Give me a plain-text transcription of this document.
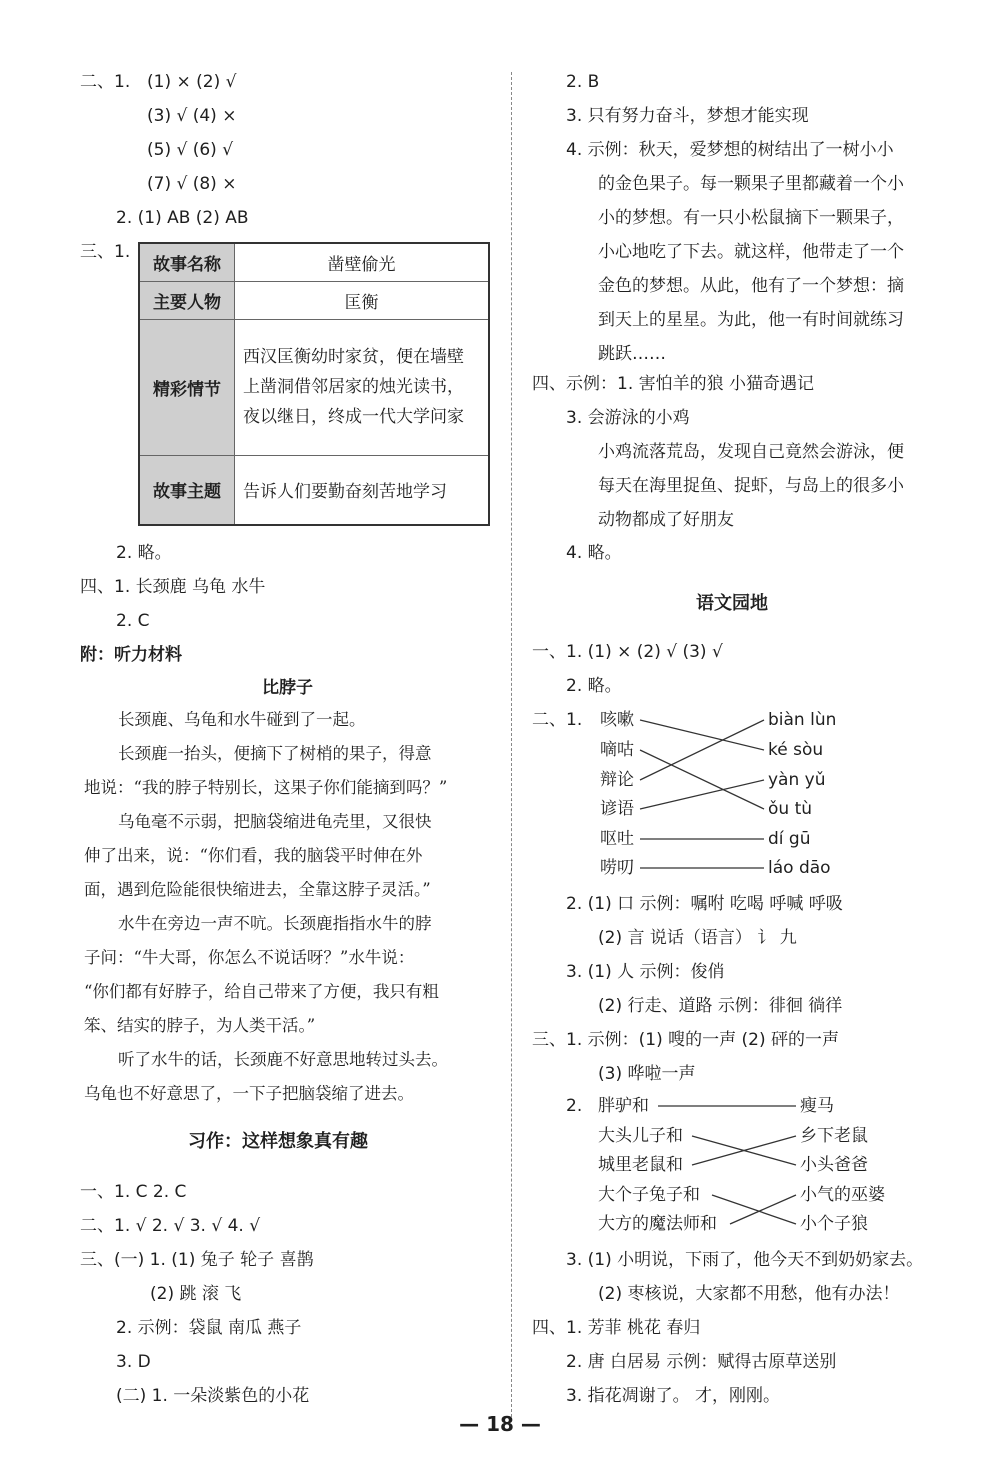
二、1. (1) × (2) √
(3) √ (4) ×
(5) √ (6) √
(7) √ (8) ×
2. (1) AB (2) AB
三、1.
故事名称	凿壁偷光
主要人物	匡衡
精彩情节	西汉匡衡幼时家贫，便在墙壁上凿洞借邻居家的烛光读书，夜以继日，终成一代大学问家
故事主题	告诉人们要勤奋刻苦地学习
2. 略。
四、1. 长颈鹿 乌龟 水牛
2. C
附：听力材料
比脖子
长颈鹿、乌龟和水牛碰到了一起。
长颈鹿一抬头，便摘下了树梢的果子，得意
地说：“我的脖子特别长，这果子你们能摘到吗？”
乌龟毫不示弱，把脑袋缩进龟壳里，又很快
伸了出来，说：“你们看，我的脑袋平时伸在外
面，遇到危险能很快缩进去，全靠这脖子灵活。”
水牛在旁边一声不吭。长颈鹿指指水牛的脖
子问：“牛大哥，你怎么不说话呀？”水牛说：
“你们都有好脖子，给自己带来了方便，我只有粗
笨、结实的脖子，为人类干活。”
听了水牛的话，长颈鹿不好意思地转过头去。
乌龟也不好意思了，一下子把脑袋缩了进去。
习作：这样想象真有趣
一、1. C 2. C
二、1. √ 2. √ 3. √ 4. √
三、(一) 1. (1) 兔子 轮子 喜鹊
(2) 跳 滚 飞
2. 示例：袋鼠 南瓜 燕子
3. D
(二) 1. 一朵淡紫色的小花
2. B
3. 只有努力奋斗，梦想才能实现
4. 示例：秋天，爱梦想的树结出了一树小小
的金色果子。每一颗果子里都藏着一个小
小的梦想。有一只小松鼠摘下一颗果子，
小心地吃了下去。就这样，他带走了一个
金色的梦想。从此，他有了一个梦想：摘
到天上的星星。为此，他一有时间就练习
跳跃……
四、示例：1. 害怕羊的狼 小猫奇遇记
3. 会游泳的小鸡
小鸡流落荒岛，发现自己竟然会游泳，便
每天在海里捉鱼、捉虾，与岛上的很多小
动物都成了好朋友
4. 略。
语文园地
一、1. (1) × (2) √ (3) √
2. 略。
二、1. 咳嗽
嘀咕
辩论
谚语
呕吐
唠叨
biàn lùn
ké sòu
yàn yǔ
ǒu tù
dí gū
láo dāo
2. (1) 口 示例：嘱咐 吃喝 呼喊 呼吸
(2) 言 说话（语言） 讠 九
3. (1) 人 示例：俊俏
(2) 行走、道路 示例：徘徊 徜徉
三、1. 示例：(1) 嗖的一声 (2) 砰的一声
(3) 哗啦一声
2. 胖驴和
大头儿子和
城里老鼠和
大个子兔子和
大方的魔法师和
瘦马
乡下老鼠
小头爸爸
小气的巫婆
小个子狼
3. (1) 小明说，下雨了，他今天不到奶奶家去。
(2) 枣核说，大家都不用愁，他有办法！
四、1. 芳菲 桃花 春归
2. 唐 白居易 示例：赋得古原草送别
3. 指花凋谢了。 才，刚刚。
— 18 —
